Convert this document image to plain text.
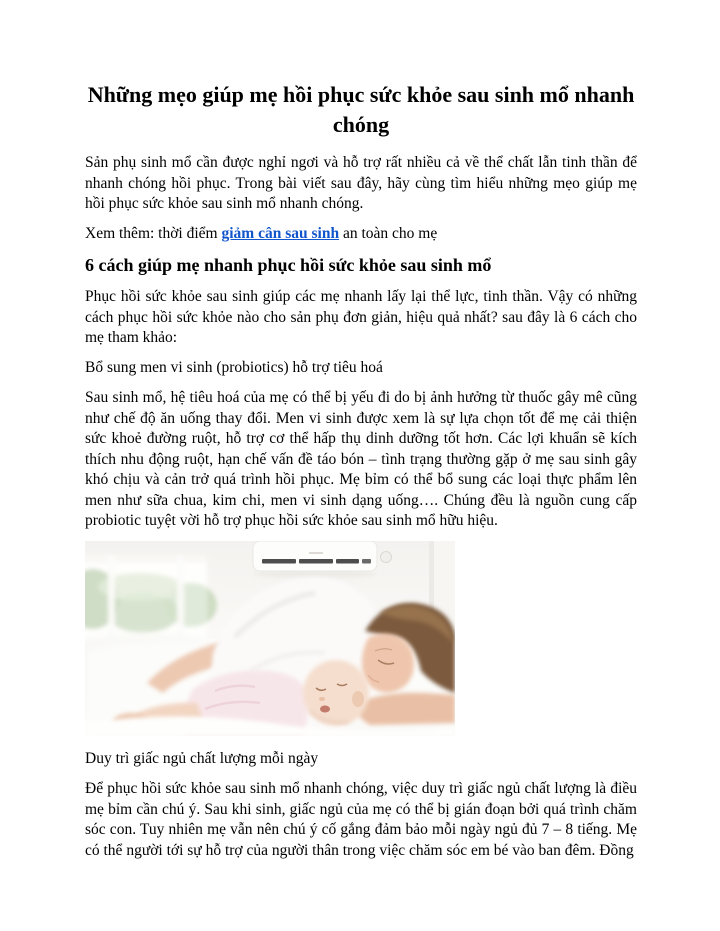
Những mẹo giúp mẹ hồi phục sức khỏe sau sinh mổ nhanh chóng

Sản phụ sinh mổ cần được nghỉ ngơi và hỗ trợ rất nhiều cả về thể chất lẫn tinh thần để nhanh chóng hồi phục. Trong bài viết sau đây, hãy cùng tìm hiểu những mẹo giúp mẹ hồi phục sức khỏe sau sinh mổ nhanh chóng.

Xem thêm: thời điểm giảm cân sau sinh an toàn cho mẹ

6 cách giúp mẹ nhanh phục hồi sức khỏe sau sinh mổ

Phục hồi sức khỏe sau sinh giúp các mẹ nhanh lấy lại thể lực, tinh thần. Vậy có những cách phục hồi sức khỏe nào cho sản phụ đơn giản, hiệu quả nhất? sau đây là 6 cách cho mẹ tham khảo:

Bổ sung men vi sinh (probiotics) hỗ trợ tiêu hoá

Sau sinh mổ, hệ tiêu hoá của mẹ có thể bị yếu đi do bị ảnh hưởng từ thuốc gây mê cũng như chế độ ăn uống thay đổi. Men vi sinh được xem là sự lựa chọn tốt để mẹ cải thiện sức khoẻ đường ruột, hỗ trợ cơ thể hấp thụ dinh dưỡng tốt hơn. Các lợi khuẩn sẽ kích thích nhu động ruột, hạn chế vấn đề táo bón – tình trạng thường gặp ở mẹ sau sinh gây khó chịu và cản trở quá trình hồi phục. Mẹ bỉm có thể bổ sung các loại thực phẩm lên men như sữa chua, kim chi, men vi sinh dạng uống…. Chúng đều là nguồn cung cấp probiotic tuyệt vời hỗ trợ phục hồi sức khỏe sau sinh mổ hữu hiệu.

Duy trì giấc ngủ chất lượng mỗi ngày

Để phục hồi sức khỏe sau sinh mổ nhanh chóng, việc duy trì giấc ngủ chất lượng là điều mẹ bỉm cần chú ý. Sau khi sinh, giấc ngủ của mẹ có thể bị gián đoạn bởi quá trình chăm sóc con. Tuy nhiên mẹ vẫn nên chú ý cố gắng đảm bảo mỗi ngày ngủ đủ 7 – 8 tiếng. Mẹ có thể người tới sự hỗ trợ của người thân trong việc chăm sóc em bé vào ban đêm. Đồng
